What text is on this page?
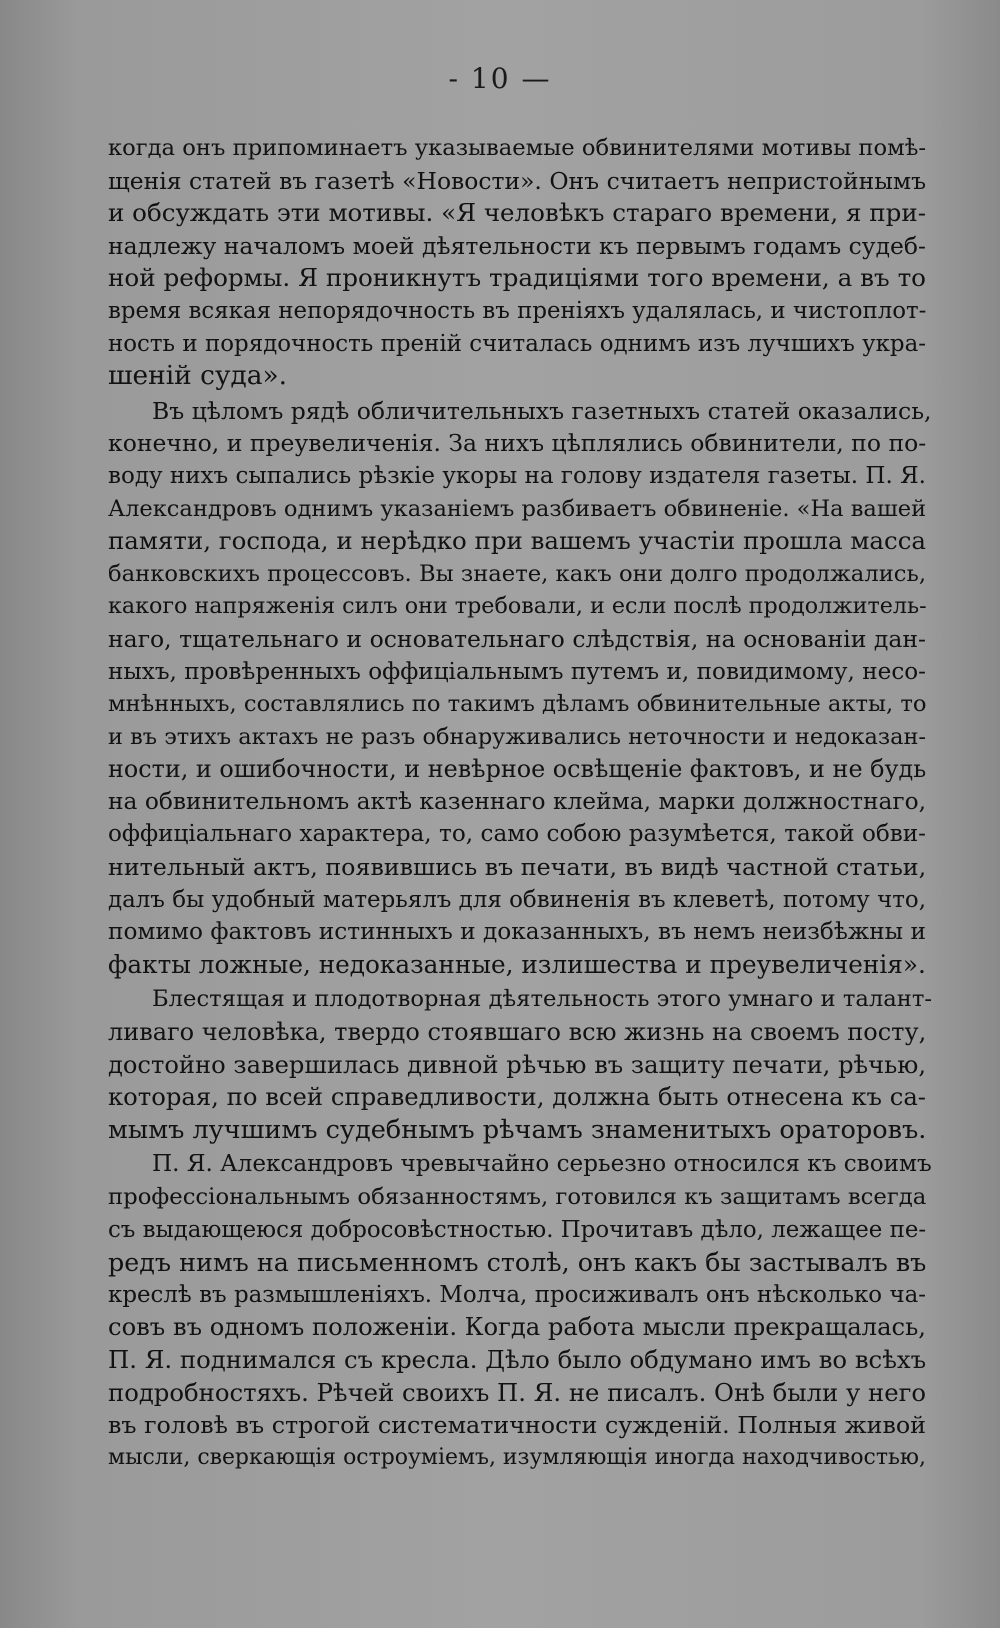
- 10 —
когда онъ припоминаетъ указываемые обвинителями мотивы помѣ-
щенія статей въ газетѣ «Новости». Онъ считаетъ непристойнымъ
и обсуждать эти мотивы. «Я человѣкъ стараго времени, я при-
надлежу началомъ моей дѣятельности къ первымъ годамъ судеб-
ной реформы. Я проникнутъ традиціями того времени, а въ то
время всякая непорядочность въ преніяхъ удалялась, и чистоплот-
ность и порядочность преній считалась однимъ изъ лучшихъ укра-
шеній суда».
Въ цѣломъ рядѣ обличительныхъ газетныхъ статей оказались,
конечно, и преувеличенія. За нихъ цѣплялись обвинители, по по-
воду нихъ сыпались рѣзкіе укоры на голову издателя газеты. П. Я.
Александровъ однимъ указаніемъ разбиваетъ обвиненіе. «На вашей
памяти, господа, и нерѣдко при вашемъ участіи прошла масса
банковскихъ процессовъ. Вы знаете, какъ они долго продолжались,
какого напряженія силъ они требовали, и если послѣ продолжитель-
наго, тщательнаго и основательнаго слѣдствія, на основаніи дан-
ныхъ, провѣренныхъ оффиціальнымъ путемъ и, повидимому, несо-
мнѣнныхъ, составлялись по такимъ дѣламъ обвинительные акты, то
и въ этихъ актахъ не разъ обнаруживались неточности и недоказан-
ности, и ошибочности, и невѣрное освѣщеніе фактовъ, и не будь
на обвинительномъ актѣ казеннаго клейма, марки должностнаго,
оффиціальнаго характера, то, само собою разумѣется, такой обви-
нительный актъ, появившись въ печати, въ видѣ частной статьи,
далъ бы удобный матерьялъ для обвиненія въ клеветѣ, потому что,
помимо фактовъ истинныхъ и доказанныхъ, въ немъ неизбѣжны и
факты ложные, недоказанные, излишества и преувеличенія».
Блестящая и плодотворная дѣятельность этого умнаго и талант-
ливаго человѣка, твердо стоявшаго всю жизнь на своемъ посту,
достойно завершилась дивной рѣчью въ защиту печати, рѣчью,
которая, по всей справедливости, должна быть отнесена къ са-
мымъ лучшимъ судебнымъ рѣчамъ знаменитыхъ ораторовъ.
П. Я. Александровъ чревычайно серьезно относился къ своимъ
профессіональнымъ обязанностямъ, готовился къ защитамъ всегда
съ выдающеюся добросовѣстностью. Прочитавъ дѣло, лежащее пе-
редъ нимъ на письменномъ столѣ, онъ какъ бы застывалъ въ
креслѣ въ размышленіяхъ. Молча, просиживалъ онъ нѣсколько ча-
совъ въ одномъ положеніи. Когда работа мысли прекращалась,
П. Я. поднимался съ кресла. Дѣло было обдумано имъ во всѣхъ
подробностяхъ. Рѣчей своихъ П. Я. не писалъ. Онѣ были у него
въ головѣ въ строгой систематичности сужденій. Полныя живой
мысли, сверкающія остроуміемъ, изумляющія иногда находчивостью,
